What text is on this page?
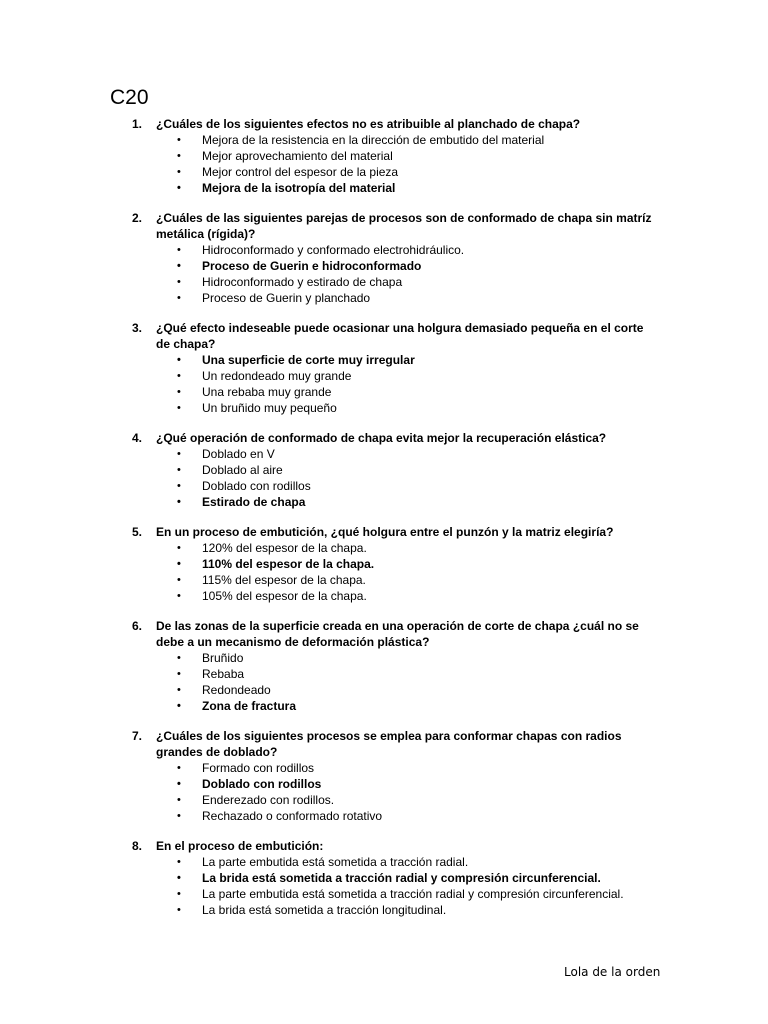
C20
1. ¿Cuáles de los siguientes efectos no es atribuible al planchado de chapa?
• Mejora de la resistencia en la dirección de embutido del material
• Mejor aprovechamiento del material
• Mejor control del espesor de la pieza
• Mejora de la isotropía del material
2. ¿Cuáles de las siguientes parejas de procesos son de conformado de chapa sin matríz metálica (rígida)?
• Hidroconformado y conformado electrohidráulico.
• Proceso de Guerin e hidroconformado
• Hidroconformado y estirado de chapa
• Proceso de Guerin y planchado
3. ¿Qué efecto indeseable puede ocasionar una holgura demasiado pequeña en el corte de chapa?
• Una superficie de corte muy irregular
• Un redondeado muy grande
• Una rebaba muy grande
• Un bruñido muy pequeño
4. ¿Qué operación de conformado de chapa evita mejor la recuperación elástica?
• Doblado en V
• Doblado al aire
• Doblado con rodillos
• Estirado de chapa
5. En un proceso de embutición, ¿qué holgura entre el punzón y la matriz elegiría?
• 120% del espesor de la chapa.
• 110% del espesor de la chapa.
• 115% del espesor de la chapa.
• 105% del espesor de la chapa.
6. De las zonas de la superficie creada en una operación de corte de chapa ¿cuál no se debe a un mecanismo de deformación plástica?
• Bruñido
• Rebaba
• Redondeado
• Zona de fractura
7. ¿Cuáles de los siguientes procesos se emplea para conformar chapas con radios grandes de doblado?
• Formado con rodillos
• Doblado con rodillos
• Enderezado con rodillos.
• Rechazado o conformado rotativo
8. En el proceso de embutición:
• La parte embutida está sometida a tracción radial.
• La brida está sometida a tracción radial y compresión circunferencial.
• La parte embutida está sometida a tracción radial y compresión circunferencial.
• La brida está sometida a tracción longitudinal.
Lola de la orden
